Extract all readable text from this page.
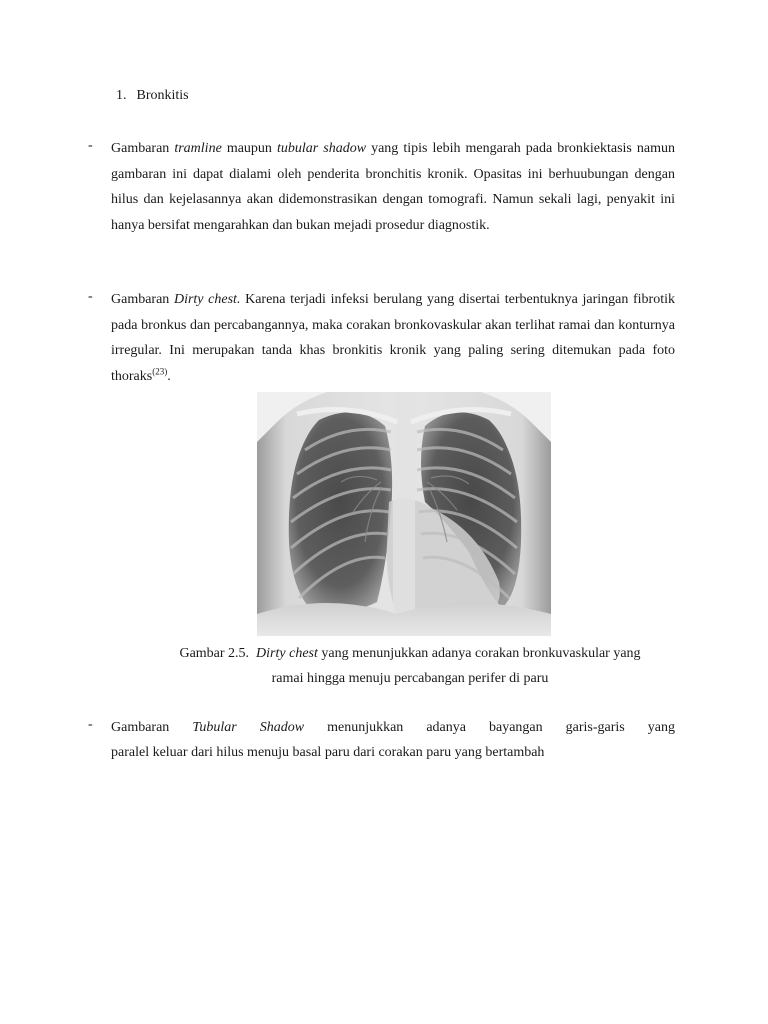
1. Bronkitis
- Gambaran tramline maupun tubular shadow yang tipis lebih mengarah pada bronkiektasis namun gambaran ini dapat dialami oleh penderita bronchitis kronik. Opasitas ini berhuubungan dengan hilus dan kejelasannya akan didemonstrasikan dengan tomografi. Namun sekali lagi, penyakit ini hanya bersifat mengarahkan dan bukan mejadi prosedur diagnostik.
- Gambaran Dirty chest. Karena terjadi infeksi berulang yang disertai terbentuknya jaringan fibrotik pada bronkus dan percabangannya, maka corakan bronkovaskular akan terlihat ramai dan konturnya irregular. Ini merupakan tanda khas bronkitis kronik yang paling sering ditemukan pada foto thoraks$^{(23)}$.
Gambar 2.5. Dirty chest yang menunjukkan adanya corakan bronkuvaskular yang
ramai hingga menuju percabangan perifer di paru
- Gambaran Tubular Shadow menunjukkan adanya bayangan garis-garis yang
paralel keluar dari hilus menuju basal paru dari corakan paru yang bertambah
